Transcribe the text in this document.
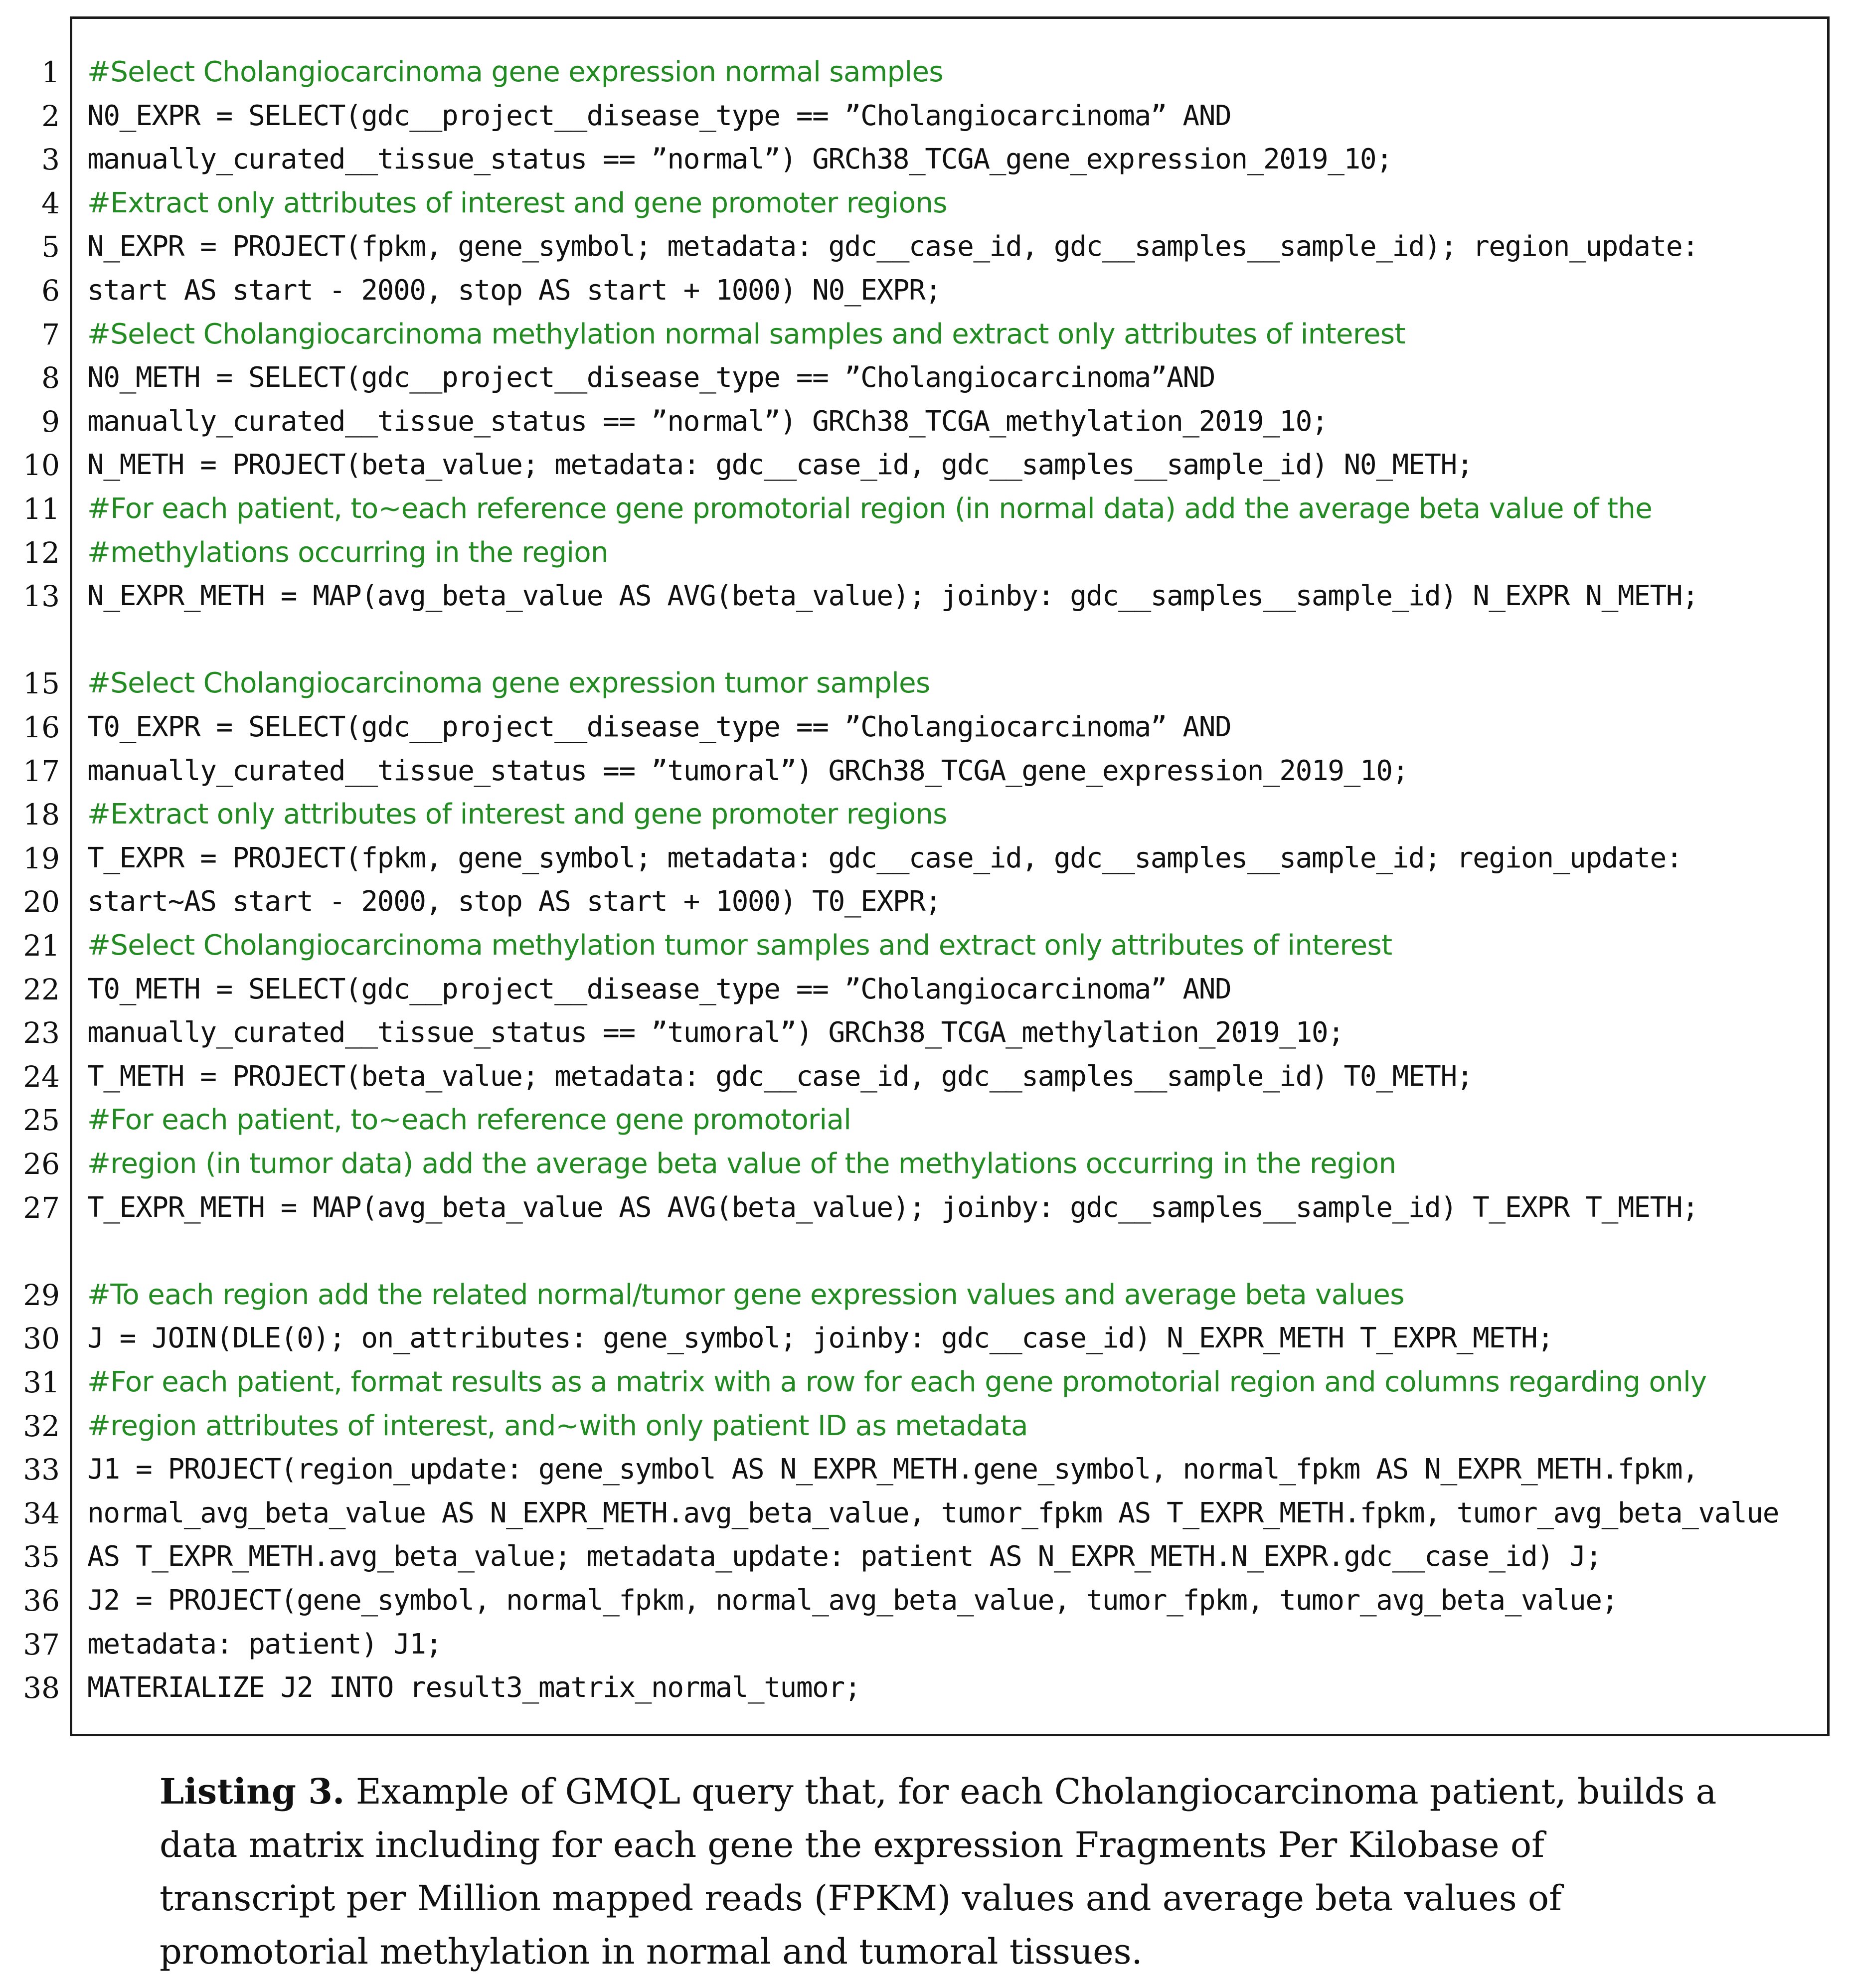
1
2
3
4
5
6
7
8
9
10
11
12
13
15
16
17
18
19
20
21
22
23
24
25
26
27
29
30
31
32
33
34
35
36
37
38
#Select Cholangiocarcinoma gene expression normal samples
N0_EXPR = SELECT(gdc__project__disease_type == ”Cholangiocarcinoma” AND
manually_curated__tissue_status == ”normal”) GRCh38_TCGA_gene_expression_2019_10;
#Extract only attributes of interest and gene promoter regions
N_EXPR = PROJECT(fpkm, gene_symbol; metadata: gdc__case_id, gdc__samples__sample_id); region_update:
start AS start - 2000, stop AS start + 1000) N0_EXPR;
#Select Cholangiocarcinoma methylation normal samples and extract only attributes of interest
N0_METH = SELECT(gdc__project__disease_type == ”Cholangiocarcinoma”AND
manually_curated__tissue_status == ”normal”) GRCh38_TCGA_methylation_2019_10;
N_METH = PROJECT(beta_value; metadata: gdc__case_id, gdc__samples__sample_id) N0_METH;
#For each patient, to~each reference gene promotorial region (in normal data) add the average beta value of the
#methylations occurring in the region
N_EXPR_METH = MAP(avg_beta_value AS AVG(beta_value); joinby: gdc__samples__sample_id) N_EXPR N_METH;
#Select Cholangiocarcinoma gene expression tumor samples
T0_EXPR = SELECT(gdc__project__disease_type == ”Cholangiocarcinoma” AND
manually_curated__tissue_status == ”tumoral”) GRCh38_TCGA_gene_expression_2019_10;
#Extract only attributes of interest and gene promoter regions
T_EXPR = PROJECT(fpkm, gene_symbol; metadata: gdc__case_id, gdc__samples__sample_id; region_update:
start~AS start - 2000, stop AS start + 1000) T0_EXPR;
#Select Cholangiocarcinoma methylation tumor samples and extract only attributes of interest
T0_METH = SELECT(gdc__project__disease_type == ”Cholangiocarcinoma” AND
manually_curated__tissue_status == ”tumoral”) GRCh38_TCGA_methylation_2019_10;
T_METH = PROJECT(beta_value; metadata: gdc__case_id, gdc__samples__sample_id) T0_METH;
#For each patient, to~each reference gene promotorial
#region (in tumor data) add the average beta value of the methylations occurring in the region
T_EXPR_METH = MAP(avg_beta_value AS AVG(beta_value); joinby: gdc__samples__sample_id) T_EXPR T_METH;
#To each region add the related normal/tumor gene expression values and average beta values
J = JOIN(DLE(0); on_attributes: gene_symbol; joinby: gdc__case_id) N_EXPR_METH T_EXPR_METH;
#For each patient, format results as a matrix with a row for each gene promotorial region and columns regarding only
#region attributes of interest, and~with only patient ID as metadata
J1 = PROJECT(region_update: gene_symbol AS N_EXPR_METH.gene_symbol, normal_fpkm AS N_EXPR_METH.fpkm,
normal_avg_beta_value AS N_EXPR_METH.avg_beta_value, tumor_fpkm AS T_EXPR_METH.fpkm, tumor_avg_beta_value
AS T_EXPR_METH.avg_beta_value; metadata_update: patient AS N_EXPR_METH.N_EXPR.gdc__case_id) J;
J2 = PROJECT(gene_symbol, normal_fpkm, normal_avg_beta_value, tumor_fpkm, tumor_avg_beta_value;
metadata: patient) J1;
MATERIALIZE J2 INTO result3_matrix_normal_tumor;
Listing 3. Example of GMQL query that, for each Cholangiocarcinoma patient, builds a data matrix including for each gene the expression Fragments Per Kilobase of transcript per Million mapped reads (FPKM) values and average beta values of promotorial methylation in normal and tumoral tissues.
